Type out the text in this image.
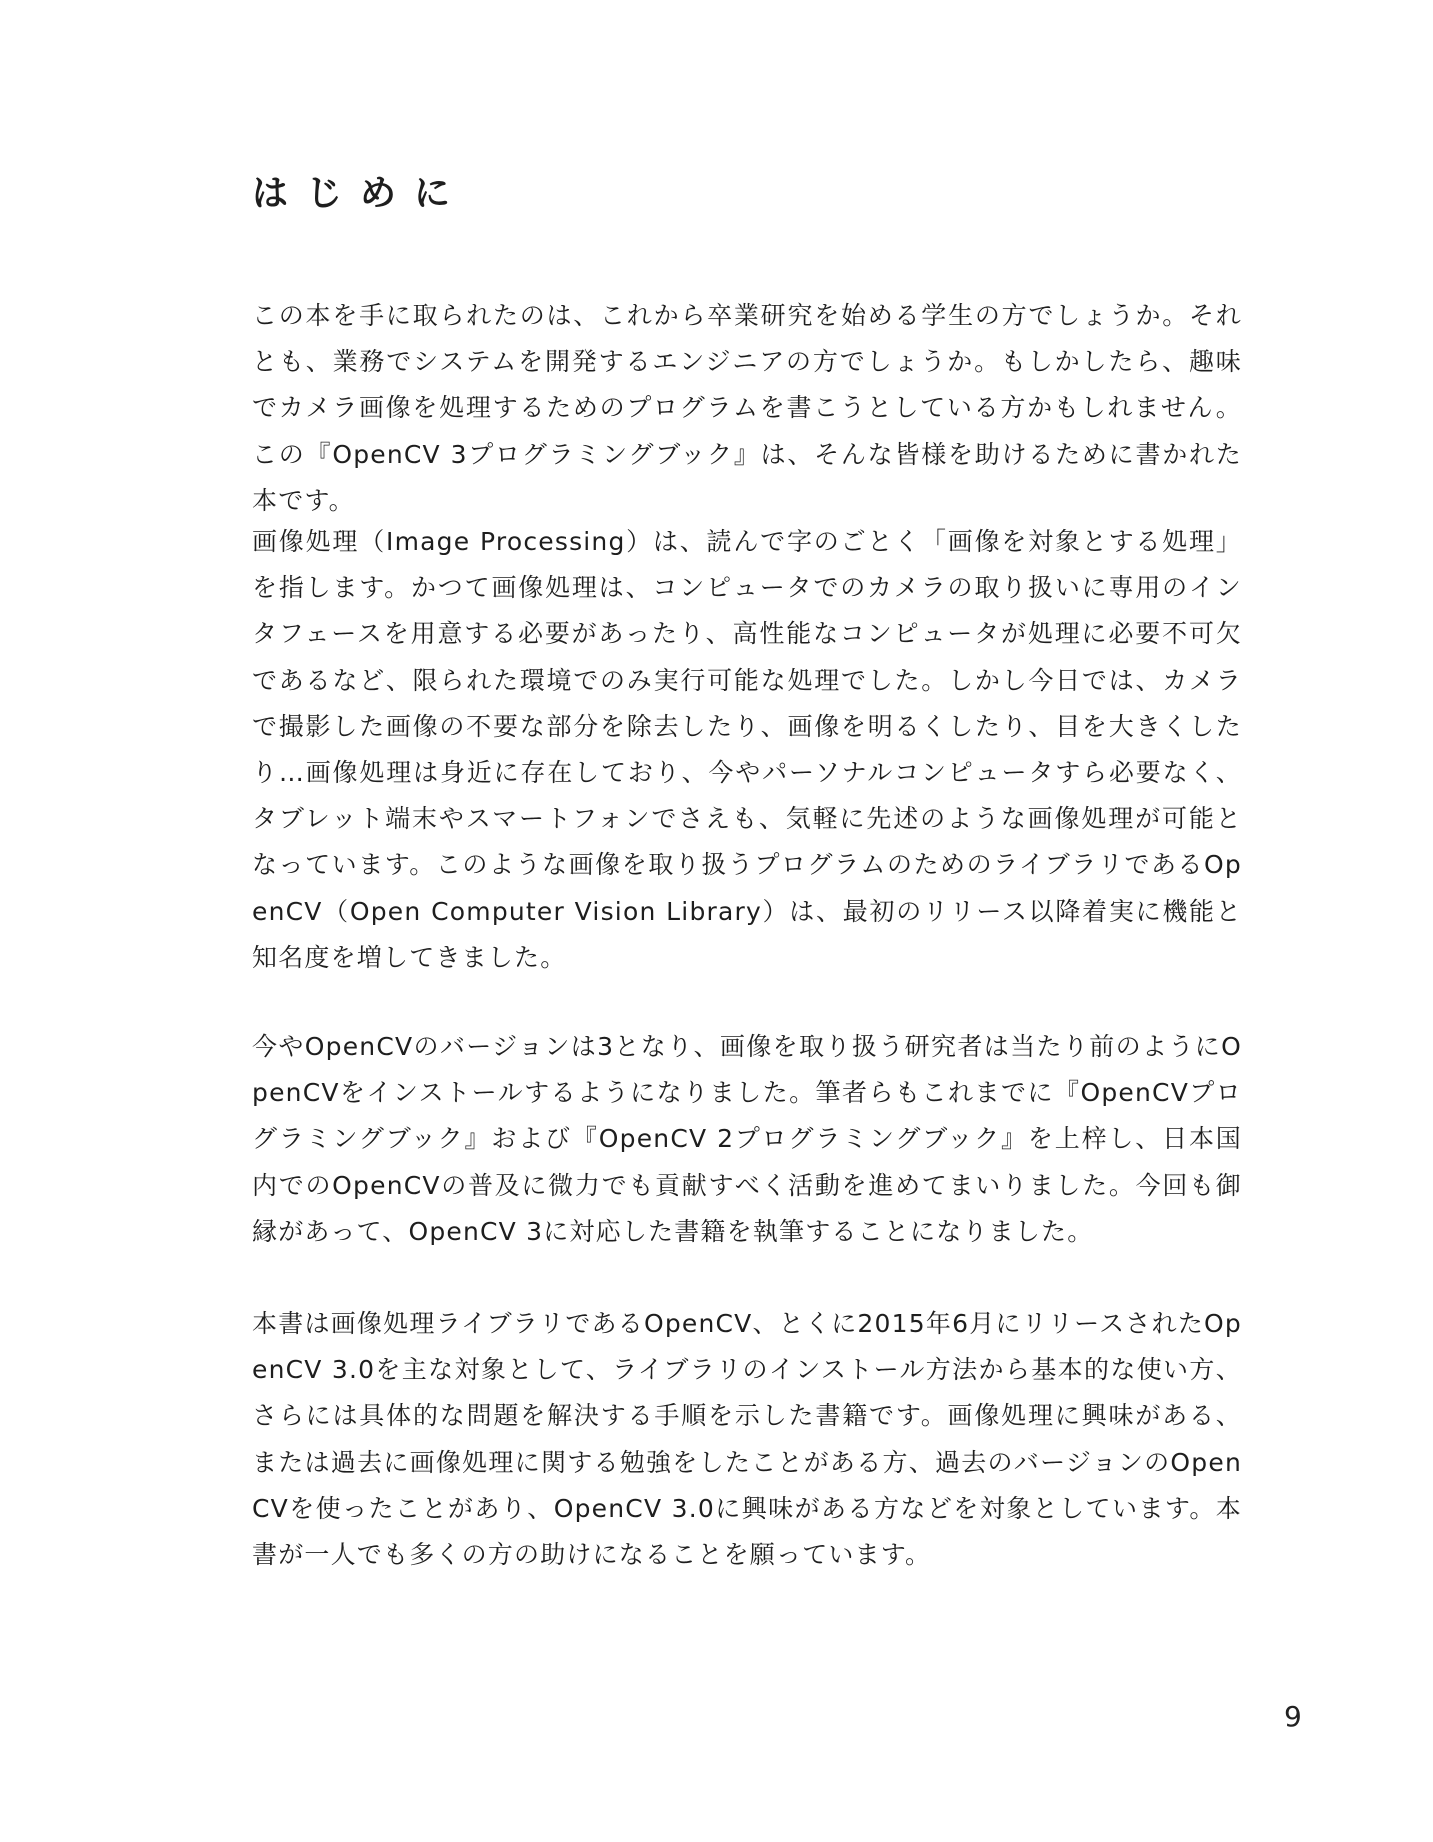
はじめに

この本を手に取られたのは、これから卒業研究を始める学生の方でしょうか。それとも、業務でシステムを開発するエンジニアの方でしょうか。もしかしたら、趣味でカメラ画像を処理するためのプログラムを書こうとしている方かもしれません。この『OpenCV 3プログラミングブック』は、そんな皆様を助けるために書かれた本です。

画像処理（Image Processing）は、読んで字のごとく「画像を対象とする処理」を指します。かつて画像処理は、コンピュータでのカメラの取り扱いに専用のインタフェースを用意する必要があったり、高性能なコンピュータが処理に必要不可欠であるなど、限られた環境でのみ実行可能な処理でした。しかし今日では、カメラで撮影した画像の不要な部分を除去したり、画像を明るくしたり、目を大きくしたり…画像処理は身近に存在しており、今やパーソナルコンピュータすら必要なく、タブレット端末やスマートフォンでさえも、気軽に先述のような画像処理が可能となっています。このような画像を取り扱うプログラムのためのライブラリであるOpenCV（Open Computer Vision Library）は、最初のリリース以降着実に機能と知名度を増してきました。

今やOpenCVのバージョンは3となり、画像を取り扱う研究者は当たり前のようにOpenCVをインストールするようになりました。筆者らもこれまでに『OpenCVプログラミングブック』および『OpenCV 2プログラミングブック』を上梓し、日本国内でのOpenCVの普及に微力でも貢献すべく活動を進めてまいりました。今回も御縁があって、OpenCV 3に対応した書籍を執筆することになりました。

本書は画像処理ライブラリであるOpenCV、とくに2015年6月にリリースされたOpenCV 3.0を主な対象として、ライブラリのインストール方法から基本的な使い方、さらには具体的な問題を解決する手順を示した書籍です。画像処理に興味がある、または過去に画像処理に関する勉強をしたことがある方、過去のバージョンのOpenCVを使ったことがあり、OpenCV 3.0に興味がある方などを対象としています。本書が一人でも多くの方の助けになることを願っています。

9
